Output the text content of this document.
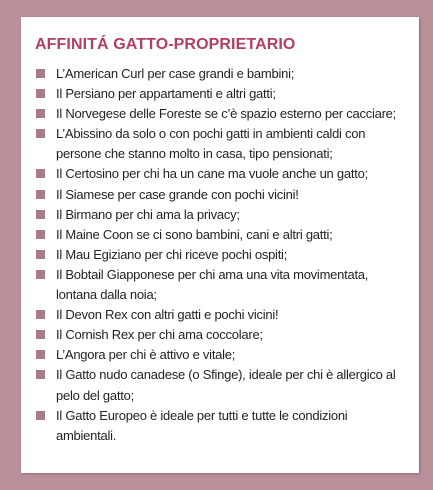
AFFINITÁ GATTO-PROPRIETARIO
L’American Curl per case grandi e bambini;
Il Persiano per appartamenti e altri gatti;
Il Norvegese delle Foreste se c’è spazio esterno per cacciare;
L’Abissino da solo o con pochi gatti in ambienti caldi con persone che stanno molto in casa, tipo pensionati;
Il Certosino per chi ha un cane ma vuole anche un gatto;
Il Siamese per case grande con pochi vicini!
Il Birmano per chi ama la privacy;
Il Maine Coon se ci sono bambini, cani e altri gatti;
Il Mau Egiziano per chi riceve pochi ospiti;
Il Bobtail Giapponese per chi ama una vita movimentata, lontana dalla noia;
Il Devon Rex con altri gatti e pochi vicini!
Il Cornish Rex per chi ama coccolare;
L’Angora per chi è attivo e vitale;
Il Gatto nudo canadese (o Sfinge), ideale per chi è allergico al pelo del gatto;
Il Gatto Europeo è ideale per tutti e tutte le condizioni ambientali.
